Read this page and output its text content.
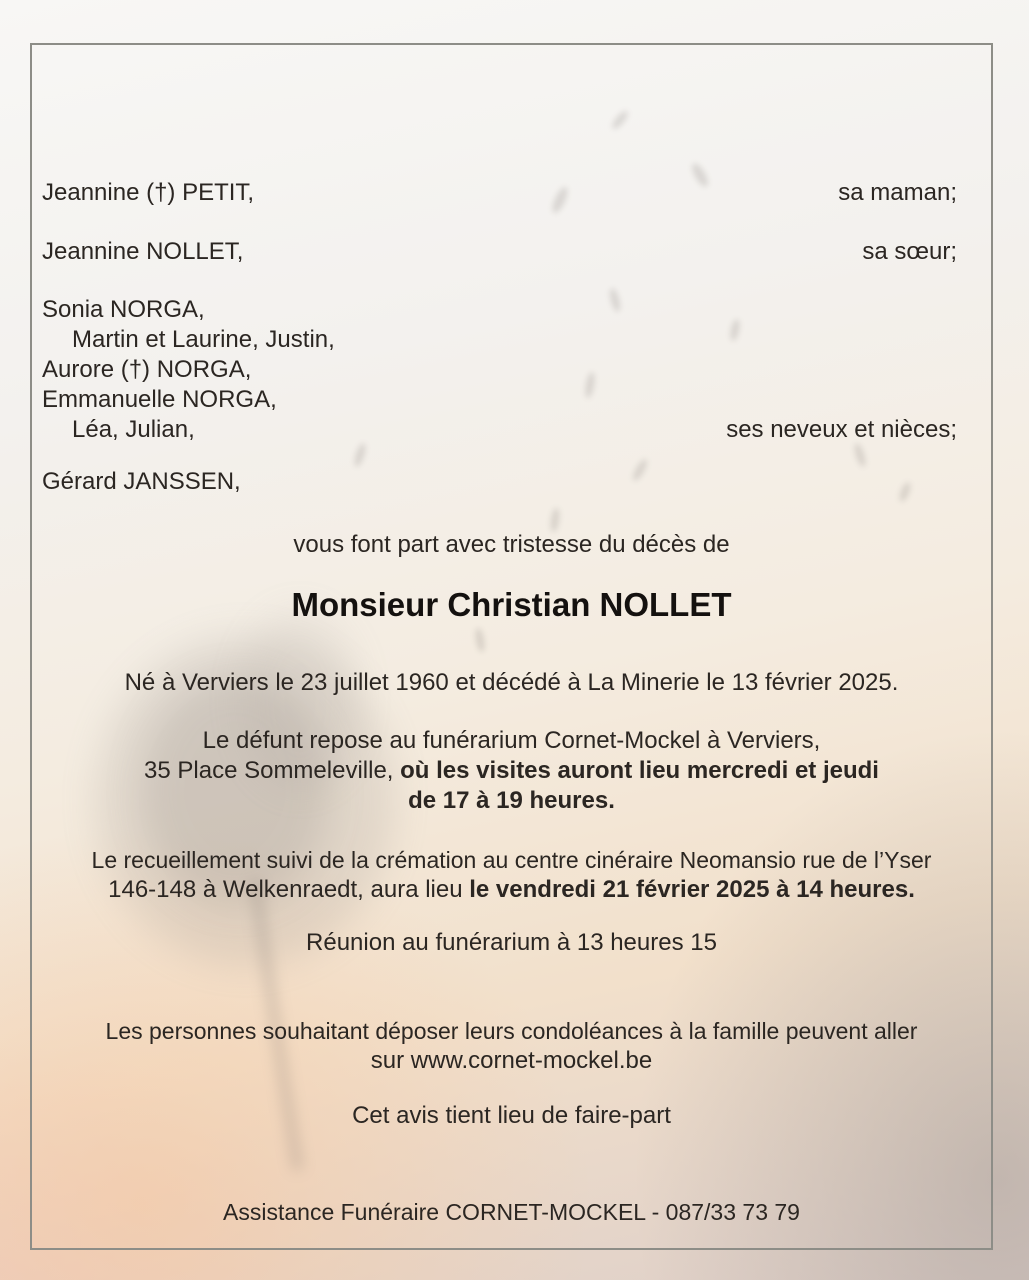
Jeannine (†) PETIT,	sa maman;
Jeannine NOLLET,	sa sœur;
Sonia NORGA,
Martin et Laurine, Justin,
Aurore (†) NORGA,
Emmanuelle NORGA,
Léa, Julian,	ses neveux et nièces;
Gérard JANSSEN,
vous font part avec tristesse du décès de
Monsieur Christian NOLLET
Né à Verviers le 23 juillet 1960 et décédé à La Minerie le 13 février 2025.
Le défunt repose au funérarium Cornet-Mockel à Verviers,
35 Place Sommeleville, où les visites auront lieu mercredi et jeudi
de 17 à 19 heures.
Le recueillement suivi de la crémation au centre cinéraire Neomansio rue de l’Yser
146-148 à Welkenraedt, aura lieu le vendredi 21 février 2025 à 14 heures.
Réunion au funérarium à 13 heures 15
Les personnes souhaitant déposer leurs condoléances à la famille peuvent aller
sur www.cornet-mockel.be
Cet avis tient lieu de faire-part
Assistance Funéraire CORNET-MOCKEL - 087/33 73 79
